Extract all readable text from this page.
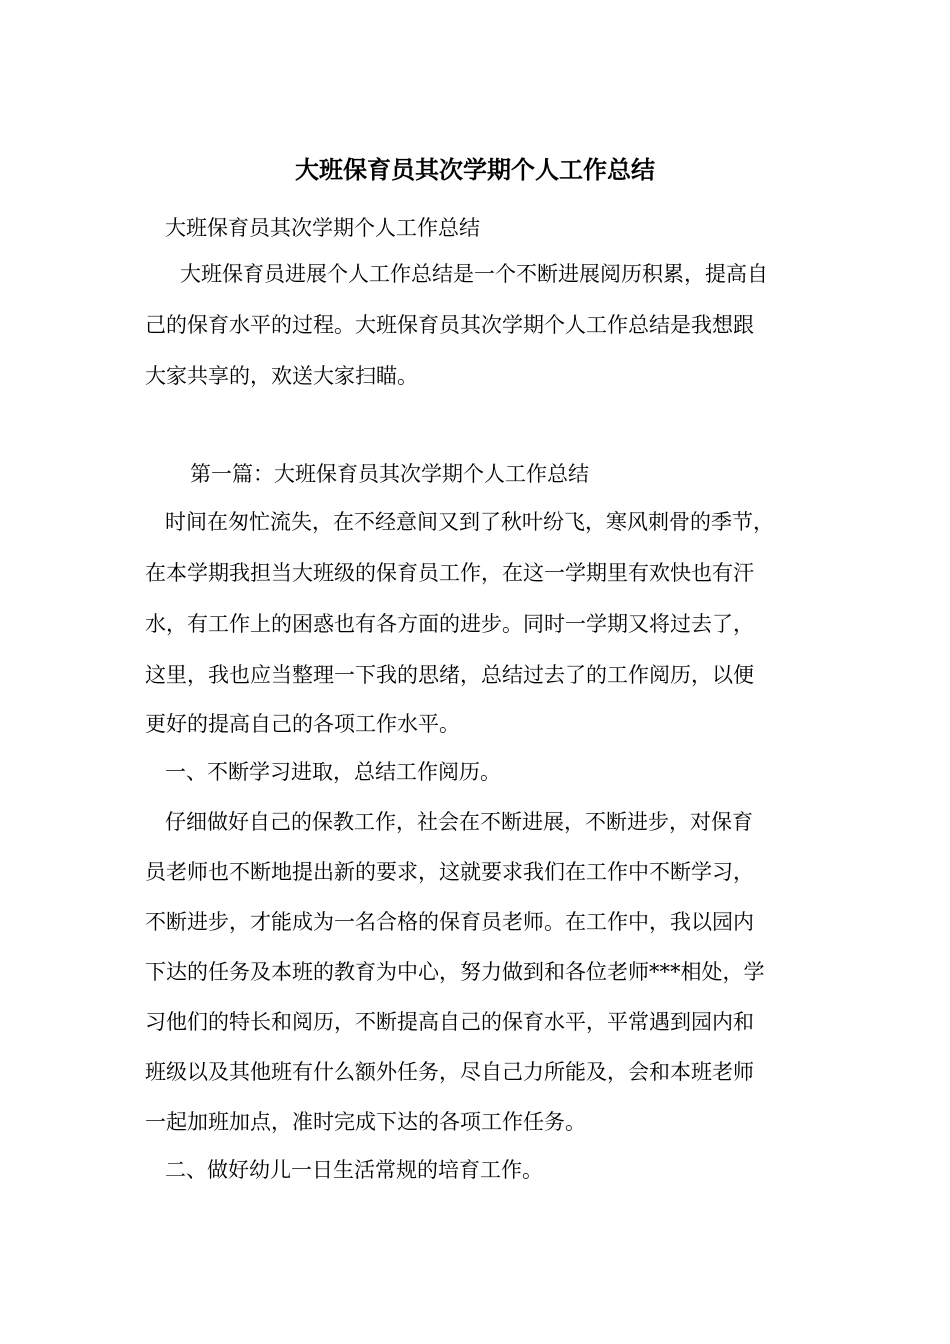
大班保育员其次学期个人工作总结
大班保育员其次学期个人工作总结
大班保育员进展个人工作总结是一个不断进展阅历积累，提高自
己的保育水平的过程。大班保育员其次学期个人工作总结是我想跟
大家共享的，欢送大家扫瞄。
第一篇：大班保育员其次学期个人工作总结
时间在匆忙流失，在不经意间又到了秋叶纷飞，寒风刺骨的季节，
在本学期我担当大班级的保育员工作，在这一学期里有欢快也有汗
水，有工作上的困惑也有各方面的进步。同时一学期又将过去了，
这里，我也应当整理一下我的思绪，总结过去了的工作阅历，以便
更好的提高自己的各项工作水平。
一、不断学习进取，总结工作阅历。
仔细做好自己的保教工作，社会在不断进展，不断进步，对保育
员老师也不断地提出新的要求，这就要求我们在工作中不断学习，
不断进步，才能成为一名合格的保育员老师。在工作中，我以园内
下达的任务及本班的教育为中心，努力做到和各位老师***相处，学
习他们的特长和阅历，不断提高自己的保育水平，平常遇到园内和
班级以及其他班有什么额外任务，尽自己力所能及，会和本班老师
一起加班加点，准时完成下达的各项工作任务。
二、做好幼儿一日生活常规的培育工作。
